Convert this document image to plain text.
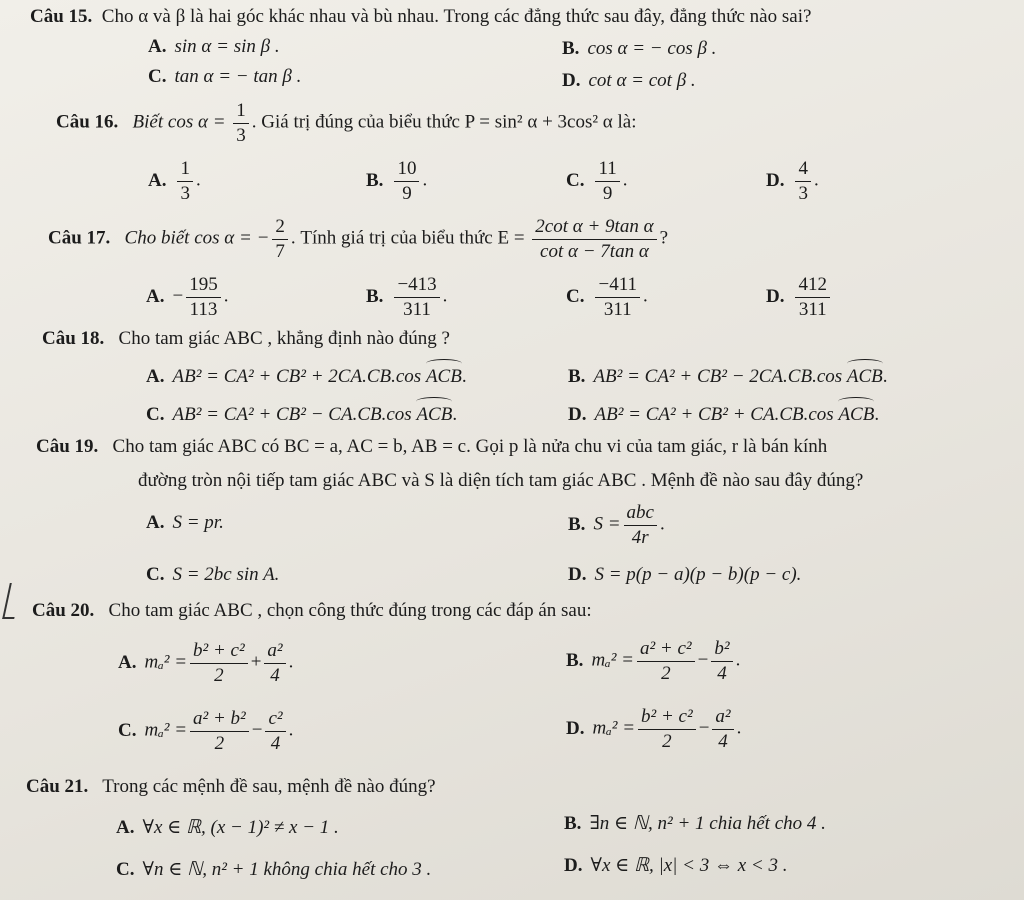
Câu 15. Cho α và β là hai góc khác nhau và bù nhau. Trong các đẳng thức sau đây, đẳng thức nào sai?
A. sin α = sin β .	B. cos α = − cos β .
C. tan α = − tan β .	D. cot α = cot β .
Câu 16. Biết $\cos \alpha = \frac{1}{3}$ . Giá trị đúng của biểu thức P = sin² α + 3cos² α là:
A. $\frac{1}{3}$ .	B. $\frac{10}{9}$ .	C. $\frac{11}{9}$ .	D. $\frac{4}{3}$ .
Câu 17. Cho biết cos α = − $\frac{2}{7}$ . Tính giá trị của biểu thức $E = \frac{\text{2cot α + 9tan α}}{\text{cot α − 7tan α}}$ ?
A. − $\frac{195}{113}$ .	B. $\frac{-413}{311}$ .	C. $\frac{-411}{311}$ .	D. $\frac{412}{311}$
Câu 18. Cho tam giác ABC , khẳng định nào đúng ?
A. AB² = CA² + CB² + 2CA.CB.cos ACB.	B. AB² = CA² + CB² − 2CA.CB.cos ACB.
C. AB² = CA² + CB² − CA.CB.cos ACB.	D. AB² = CA² + CB² + CA.CB.cos ACB.
Câu 19. Cho tam giác ABC có BC = a, AC = b, AB = c. Gọi p là nửa chu vi của tam giác, r là bán kính
đường tròn nội tiếp tam giác ABC và S là diện tích tam giác ABC . Mệnh đề nào sau đây đúng?
A. S = pr.	B. $S = \frac{\text{abc}}{4r}$ .
C. S = 2bc sin A.	D. S = p(p − a)(p − b)(p − c).
Câu 20. Cho tam giác ABC , chọn công thức đúng trong các đáp án sau:
A. $m_a^2 = \frac{\text{b² + c²}}{2} + \frac{\text{a²}}{4}$ .	B. $m_a^2 = \frac{\text{a² + c²}}{2} - \frac{\text{b²}}{4}$ .
C. $m_a^2 = \frac{\text{a² + b²}}{2} - \frac{\text{c²}}{4}$ .	D. $m_a^2 = \frac{\text{b² + c²}}{2} - \frac{\text{a²}}{4}$ .
Câu 21. Trong các mệnh đề sau, mệnh đề nào đúng?
A. ∀x ∈ ℝ, (x − 1)² ≠ x − 1 .	B. ∃n ∈ ℕ, n² + 1 chia hết cho 4 .
C. ∀n ∈ ℕ, n² + 1 không chia hết cho 3 .	D. ∀x ∈ ℝ, |x| < 3 ⇔ x < 3 .
